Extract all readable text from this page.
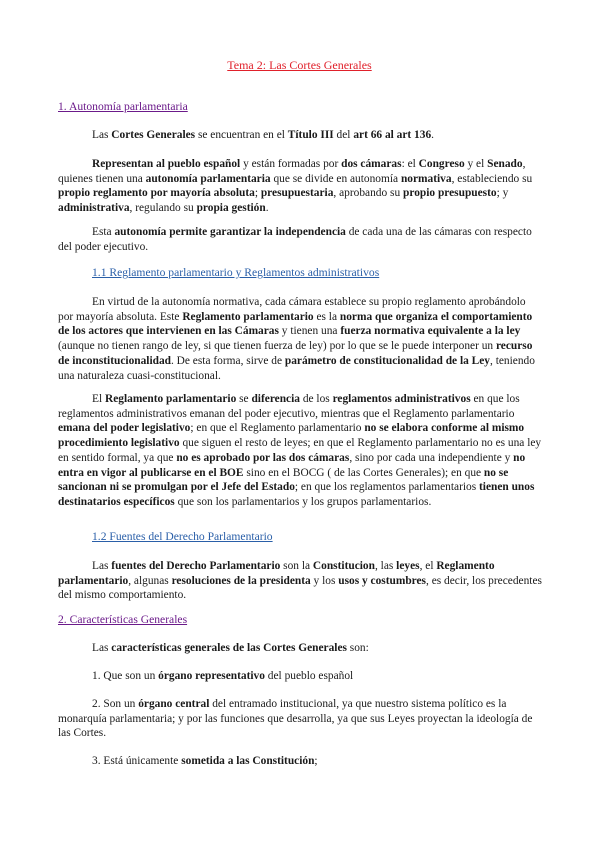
Tema 2: Las Cortes Generales
1. Autonomía parlamentaria

Las Cortes Generales se encuentran en el Título III del art 66 al art 136.

Representan al pueblo español y están formadas por dos cámaras: el Congreso y el Senado, quienes tienen una autonomía parlamentaria que se divide en autonomía normativa, estableciendo su propio reglamento por mayoría absoluta; presupuestaria, aprobando su propio presupuesto; y administrativa, regulando su propia gestión.

Esta autonomía permite garantizar la independencia de cada una de las cámaras con respecto del poder ejecutivo.

1.1 Reglamento parlamentario y Reglamentos administrativos

En virtud de la autonomía normativa, cada cámara establece su propio reglamento aprobándolo por mayoría absoluta. Este Reglamento parlamentario es la norma que organiza el comportamiento de los actores que intervienen en las Cámaras y tienen una fuerza normativa equivalente a la ley (aunque no tienen rango de ley, si que tienen fuerza de ley) por lo que se le puede interponer un recurso de inconstitucionalidad. De esta forma, sirve de parámetro de constitucionalidad de la Ley, teniendo una naturaleza cuasi-constitucional.

El Reglamento parlamentario se diferencia de los reglamentos administrativos en que los reglamentos administrativos emanan del poder ejecutivo, mientras que el Reglamento parlamentario emana del poder legislativo; en que el Reglamento parlamentario no se elabora conforme al mismo procedimiento legislativo que siguen el resto de leyes; en que el Reglamento parlamentario no es una ley en sentido formal, ya que no es aprobado por las dos cámaras, sino por cada una independiente y no entra en vigor al publicarse en el BOE sino en el BOCG ( de las Cortes Generales); en que no se sancionan ni se promulgan por el Jefe del Estado; en que los reglamentos parlamentarios tienen unos destinatarios específicos que son los parlamentarios y los grupos parlamentarios.

1.2 Fuentes del Derecho Parlamentario

Las fuentes del Derecho Parlamentario son la Constitucion, las leyes, el Reglamento parlamentario, algunas resoluciones de la presidenta y los usos y costumbres, es decir, los precedentes del mismo comportamiento.

2. Características Generales

Las características generales de las Cortes Generales son:

1. Que son un órgano representativo del pueblo español

2. Son un órgano central del entramado institucional, ya que nuestro sistema político es la monarquía parlamentaria; y por las funciones que desarrolla, ya que sus Leyes proyectan la ideología de las Cortes.

3. Está únicamente sometida a las Constitución;
